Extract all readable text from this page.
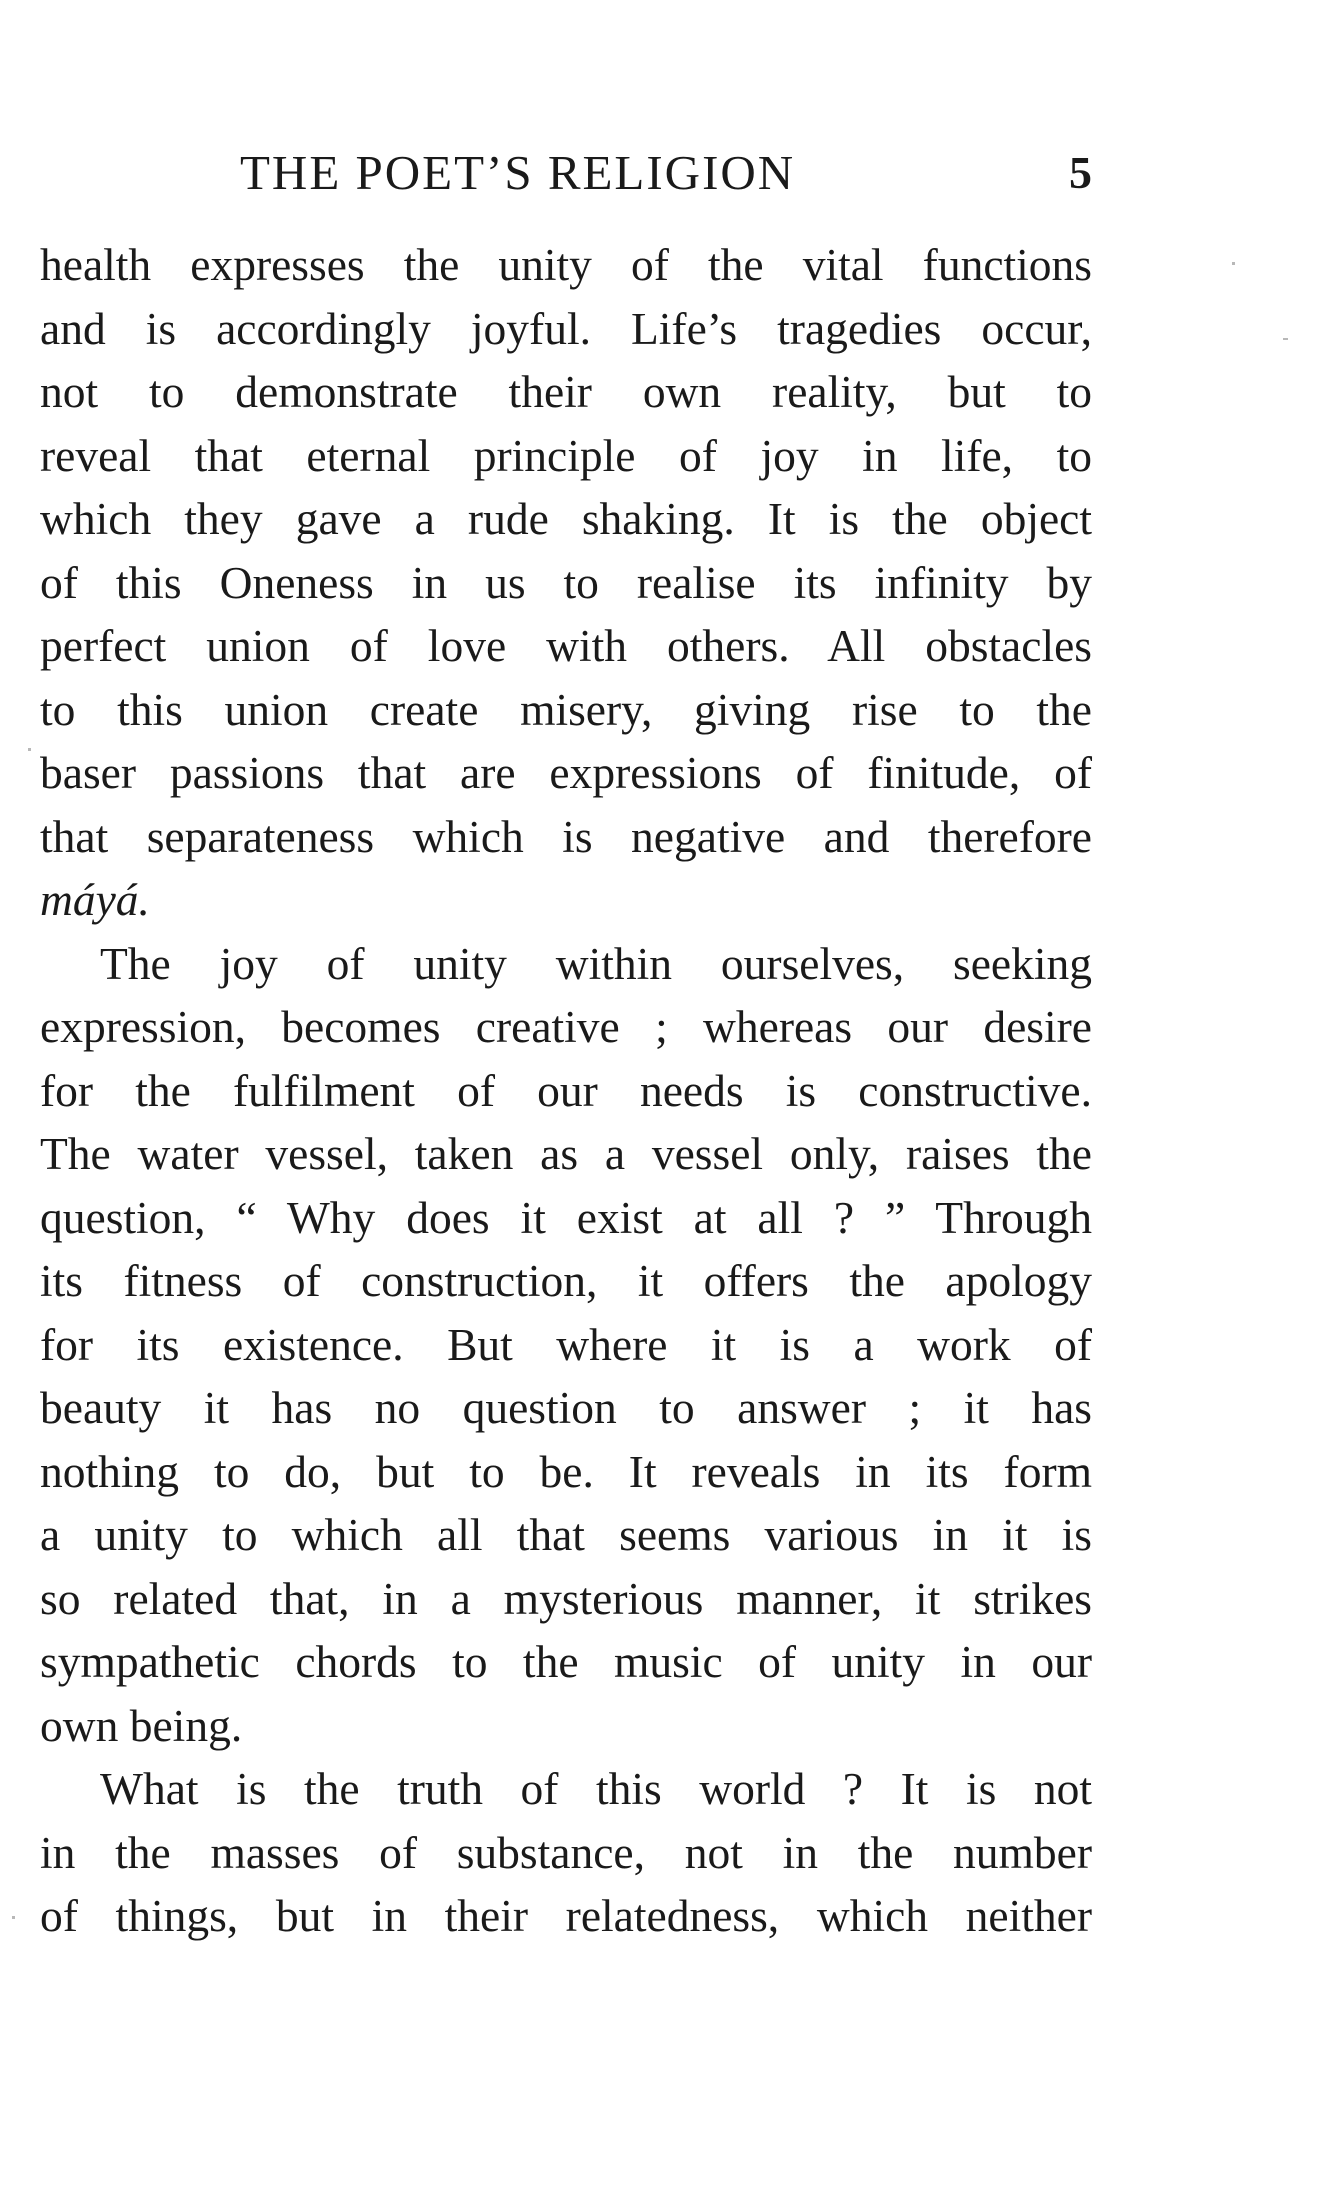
THE POET’S RELIGION	5
health expresses the unity of the vital functions
and is accordingly joyful. Life’s tragedies occur,
not to demonstrate their own reality, but to
reveal that eternal principle of joy in life, to
which they gave a rude shaking. It is the object
of this Oneness in us to realise its infinity by
perfect union of love with others. All obstacles
to this union create misery, giving rise to the
baser passions that are expressions of finitude, of
that separateness which is negative and therefore
máyá.
The joy of unity within ourselves, seeking
expression, becomes creative ; whereas our desire
for the fulfilment of our needs is constructive.
The water vessel, taken as a vessel only, raises the
question, “ Why does it exist at all ? ” Through
its fitness of construction, it offers the apology
for its existence. But where it is a work of
beauty it has no question to answer ; it has
nothing to do, but to be. It reveals in its form
a unity to which all that seems various in it is
so related that, in a mysterious manner, it strikes
sympathetic chords to the music of unity in our
own being.
What is the truth of this world ? It is not
in the masses of substance, not in the number
of things, but in their relatedness, which neither
